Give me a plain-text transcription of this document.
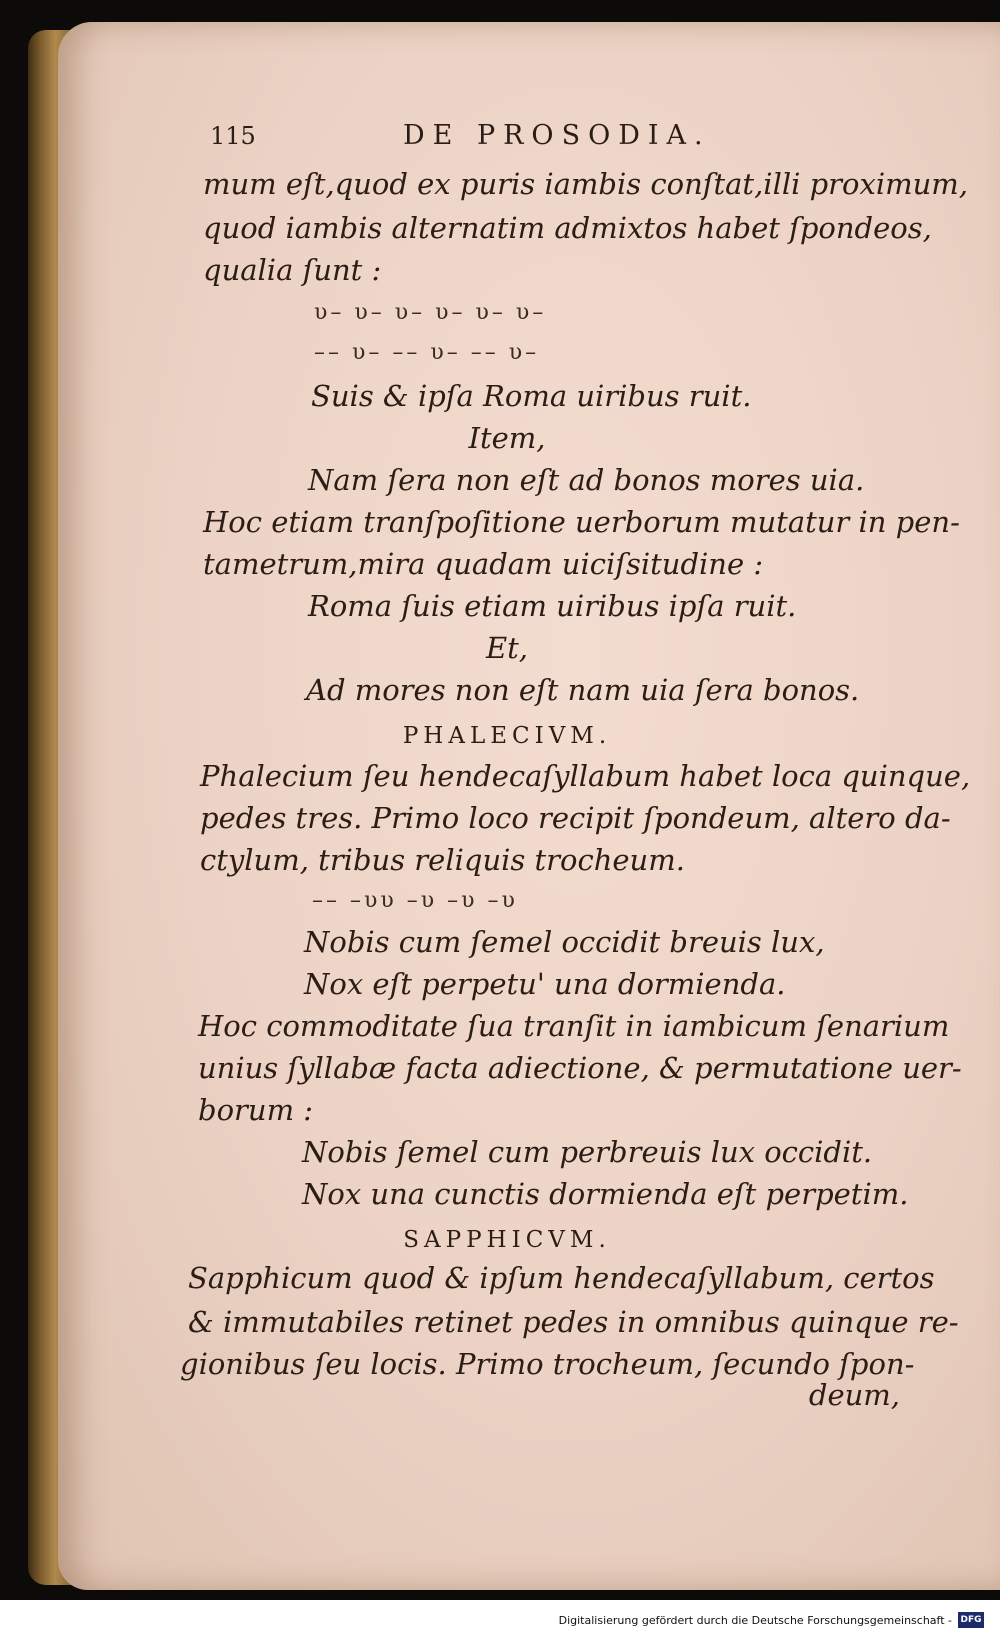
115	DE PROSODIA.
mum eſt,quod ex puris iambis conſtat,illi proximum,
quod iambis alternatim admixtos habet ſpondeos,
qualia ſunt :
υ– υ– υ– υ– υ– υ–
–– υ– –– υ– –– υ–
Suis & ipſa Roma uiribus ruit.
Item,
Nam ſera non eſt ad bonos mores uia.
Hoc etiam tranſpoſitione uerborum mutatur in pen-
tametrum,mira quadam uiciſsitudine :
Roma ſuis etiam uiribus ipſa ruit.
Et,
Ad mores non eſt nam uia ſera bonos.
PHALECIVM.
Phalecium ſeu hendecaſyllabum habet loca quinque,
pedes tres. Primo loco recipit ſpondeum, altero da-
ctylum, tribus reliquis trocheum.
–– –υυ –υ –υ –υ
Nobis cum ſemel occidit breuis lux,
Nox eſt perpetu' una dormienda.
Hoc commoditate ſua tranſit in iambicum ſenarium
unius ſyllabæ facta adiectione, & permutatione uer-
borum :
Nobis ſemel cum perbreuis lux occidit.
Nox una cunctis dormienda eſt perpetim.
SAPPHICVM.
Sapphicum quod & ipſum hendecaſyllabum, certos
& immutabiles retinet pedes in omnibus quinque re-
gionibus ſeu locis. Primo trocheum, ſecundo ſpon-
deum,
Digitalisierung gefördert durch die Deutsche Forschungsgemeinschaft - DFG
